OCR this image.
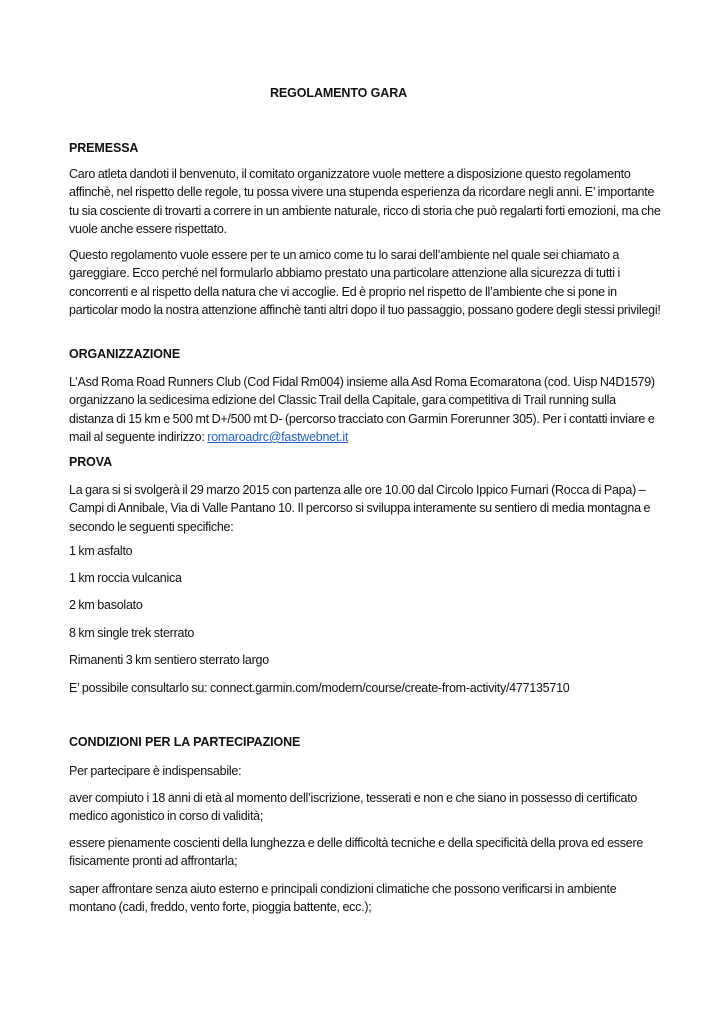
REGOLAMENTO GARA
PREMESSA
Caro atleta dandoti il benvenuto, il comitato organizzatore vuole mettere a disposizione questo regolamento affinchè, nel rispetto delle regole, tu possa vivere una stupenda esperienza da ricordare negli anni. E’ importante tu sia cosciente di trovarti a correre in un ambiente naturale, ricco di storia che può regalarti forti emozioni, ma che vuole anche essere rispettato.
Questo regolamento vuole essere per te un amico come tu lo sarai dell’ambiente nel quale sei chiamato a gareggiare. Ecco perché nel formularlo abbiamo prestato una particolare attenzione alla sicurezza di tutti i concorrenti e al rispetto della natura che vi accoglie. Ed è proprio nel rispetto de ll’ambiente che si pone in particolar modo la nostra attenzione affinchè tanti altri dopo il tuo passaggio, possano godere degli stessi privilegi!
ORGANIZZAZIONE
L’Asd Roma Road Runners Club (Cod Fidal Rm004) insieme alla Asd Roma Ecomaratona (cod. Uisp N4D1579) organizzano la sedicesima edizione del Classic Trail della Capitale, gara competitiva di Trail running sulla distanza di 15 km e 500 mt D+/500 mt D- (percorso tracciato con Garmin Forerunner 305). Per i contatti inviare e mail al seguente indirizzo: romaroadrc@fastwebnet.it
PROVA
La gara si si svolgerà il 29 marzo 2015 con partenza alle ore 10.00 dal Circolo Ippico Furnari (Rocca di Papa) – Campi di Annibale, Via di Valle Pantano 10. Il percorso si sviluppa interamente su sentiero di media montagna e secondo le seguenti specifiche:
1 km asfalto
1 km roccia vulcanica
2 km basolato
8 km single trek sterrato
Rimanenti 3 km sentiero sterrato largo
E’ possibile consultarlo su: connect.garmin.com/modern/course/create-from-activity/477135710
CONDIZIONI PER LA PARTECIPAZIONE
Per partecipare è indispensabile:
aver compiuto i 18 anni di età al momento dell’iscrizione, tesserati e non e che siano in possesso di certificato medico agonistico in corso di validità;
essere pienamente coscienti della lunghezza e delle difficoltà tecniche e della specificità della prova ed essere fisicamente pronti ad affrontarla;
saper affrontare senza aiuto esterno e principali condizioni climatiche che possono verificarsi in ambiente montano (cadi, freddo, vento forte, pioggia battente, ecc.);
